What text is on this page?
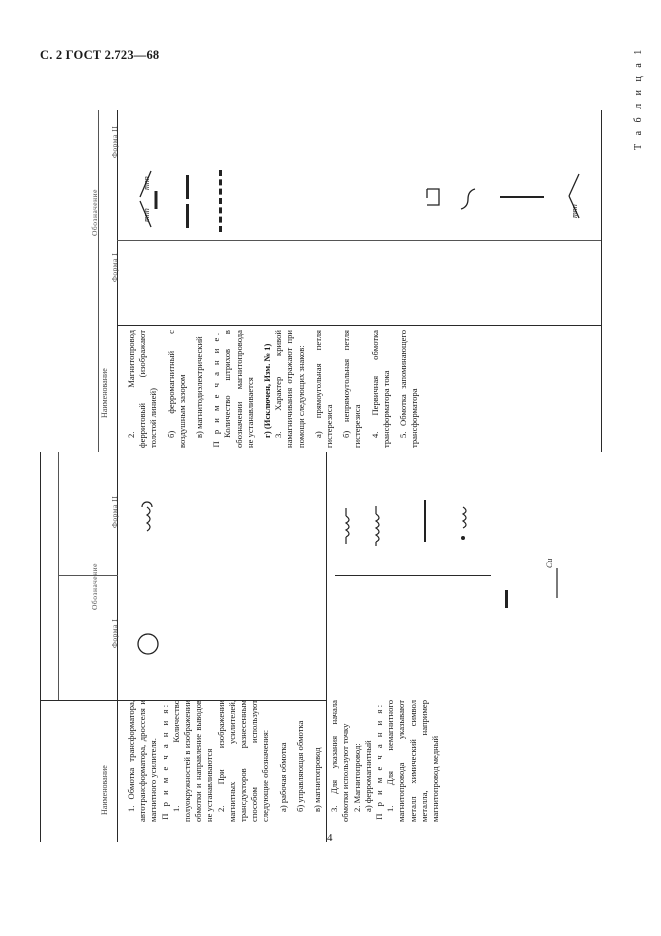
С. 2 ГОСТ 2.723—68
4
Т а б л и ц а 1
Наименование
Обозначение
Форма I
Форма II
Наименование
Обозначение
Форма I
Форма II

1. Обмотка трансформатора, автотрансформатора, дросселя и магнитного усилителя. П р и м е ч а н и я: 1. Количество полуокружностей в изображении обмотки и направление выводов не устанавливаются 2. При изображении магнитных усилителей, трансдукторов разнесенным способом используют следующие обозначения: а) рабочая обмотка б) управляющая обмотка в) магнитопровод 3. Для указания начала обмотки используют точку 2. Магнитопровод: а) ферромагнитный П р и м е ч а н и я: 1. Для немагнитного магнитопровода указывают металл химический символ металла, например магнитопровод медный

2. Магнитопровод ферритовый (изображают толстой линией) б) ферромагнитный с воздушным зазором в) магнитодиэлектрический П р и м е ч а н и е. Количество штрихов в обозначении магнитопровода не устанавливается г) (Исключен, Изм. № 1) 3. Характер кривой намагничивания отражают при помощи следующих знаков: а) прямоугольная петля гистерезиса б) непрямоугольная петля гистерезиса 4. Первичная обмотка трансформатора тока 5. Обмотка запоминающего трансформатора

Cu
mпп
mпп
mпп
